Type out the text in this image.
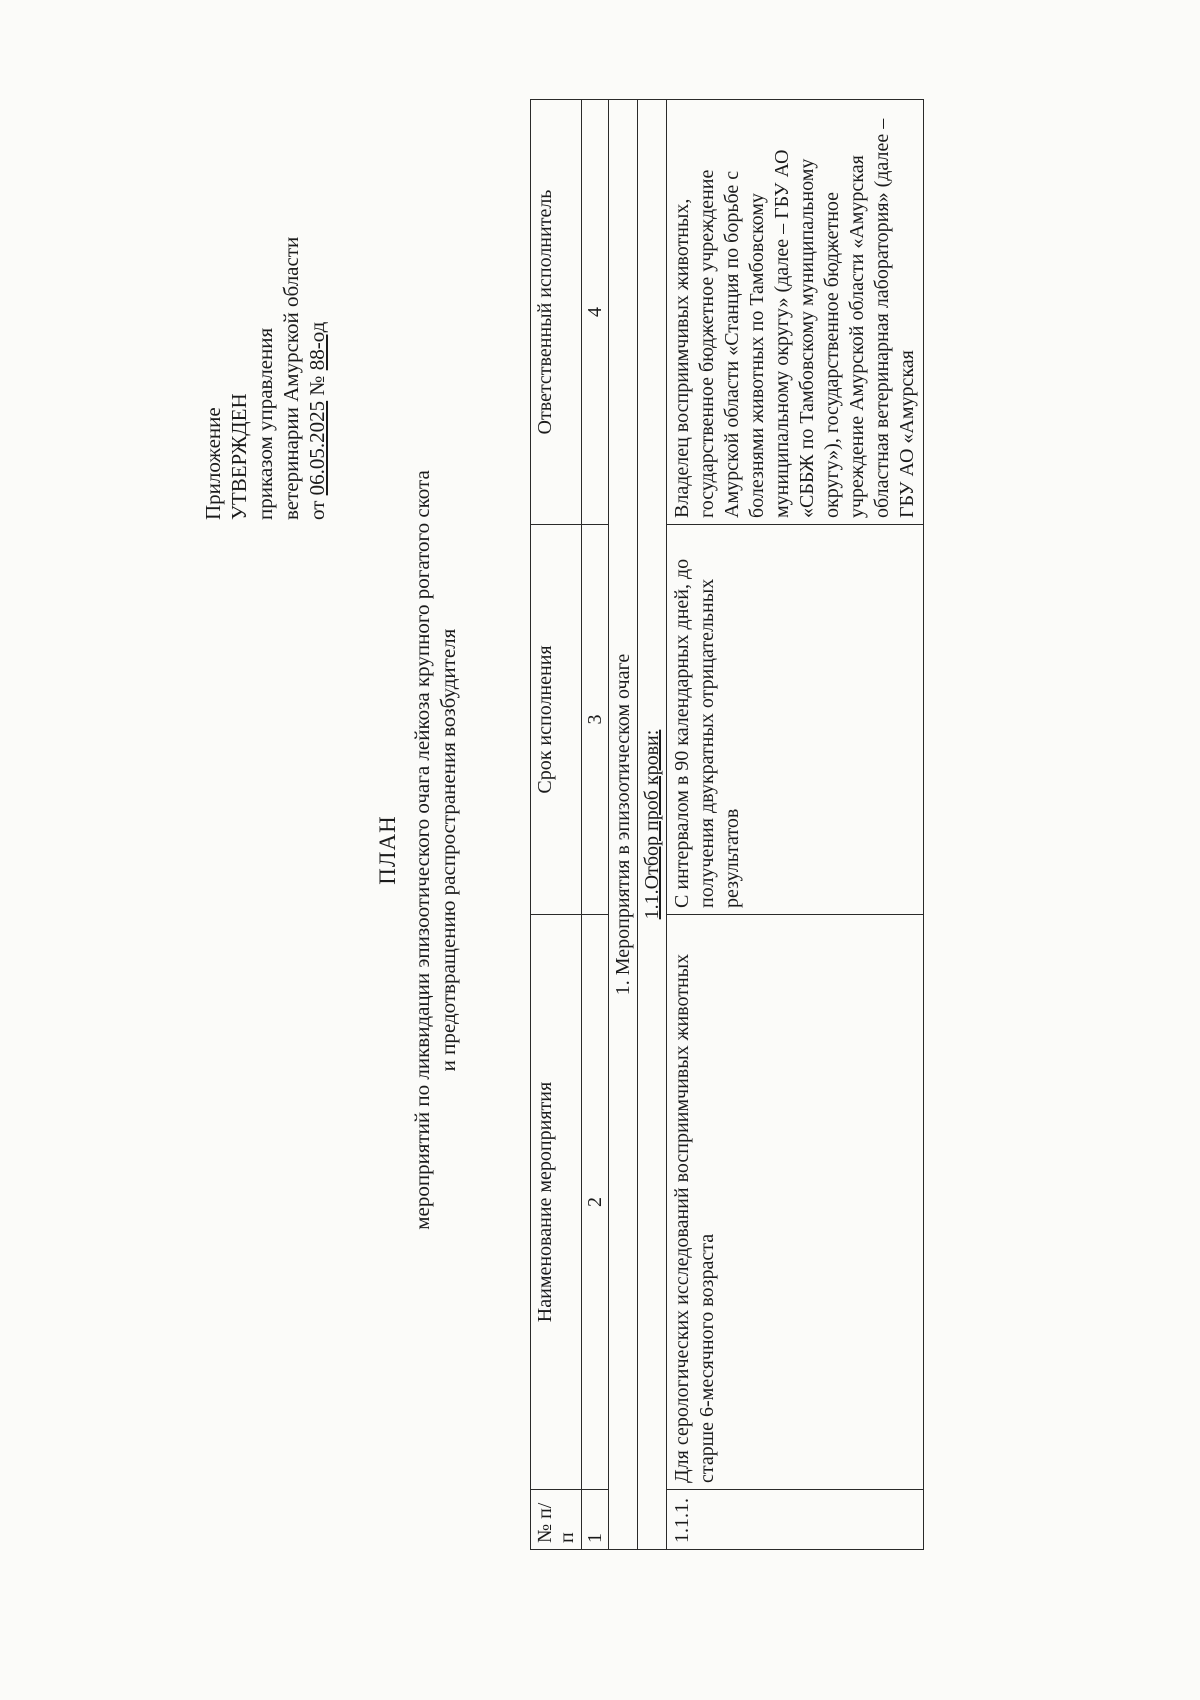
Приложение УТВЕРЖДЕН приказом управления ветеринарии Амурской области от 06.05.2025 № 88-од
ПЛАН мероприятий по ликвидации эпизоотического очага лейкоза крупного рогатого скота и предотвращению распространения возбудителя
№ п/п	Наименование мероприятия	Срок исполнения	Ответственный исполнитель
1	2	3	4
1. Мероприятия в эпизоотическом очаге			
1.1.Отбор проб крови:			
1.1.1.	Для серологических исследований восприимчивых животных старше 6-месячного возраста	С интервалом в 90 календарных дней, до получения двукратных отрицательных результатов	Владелец восприимчивых животных, государственное бюджетное учреждение Амурской области «Станция по борьбе с болезнями животных по Тамбовскому муниципальному округу» (далее – ГБУ АО «СББЖ по Тамбовскому муниципальному округу»), государственное бюджетное учреждение Амурской области «Амурская областная ветеринарная лаборатория» (далее – ГБУ АО «Амурская
